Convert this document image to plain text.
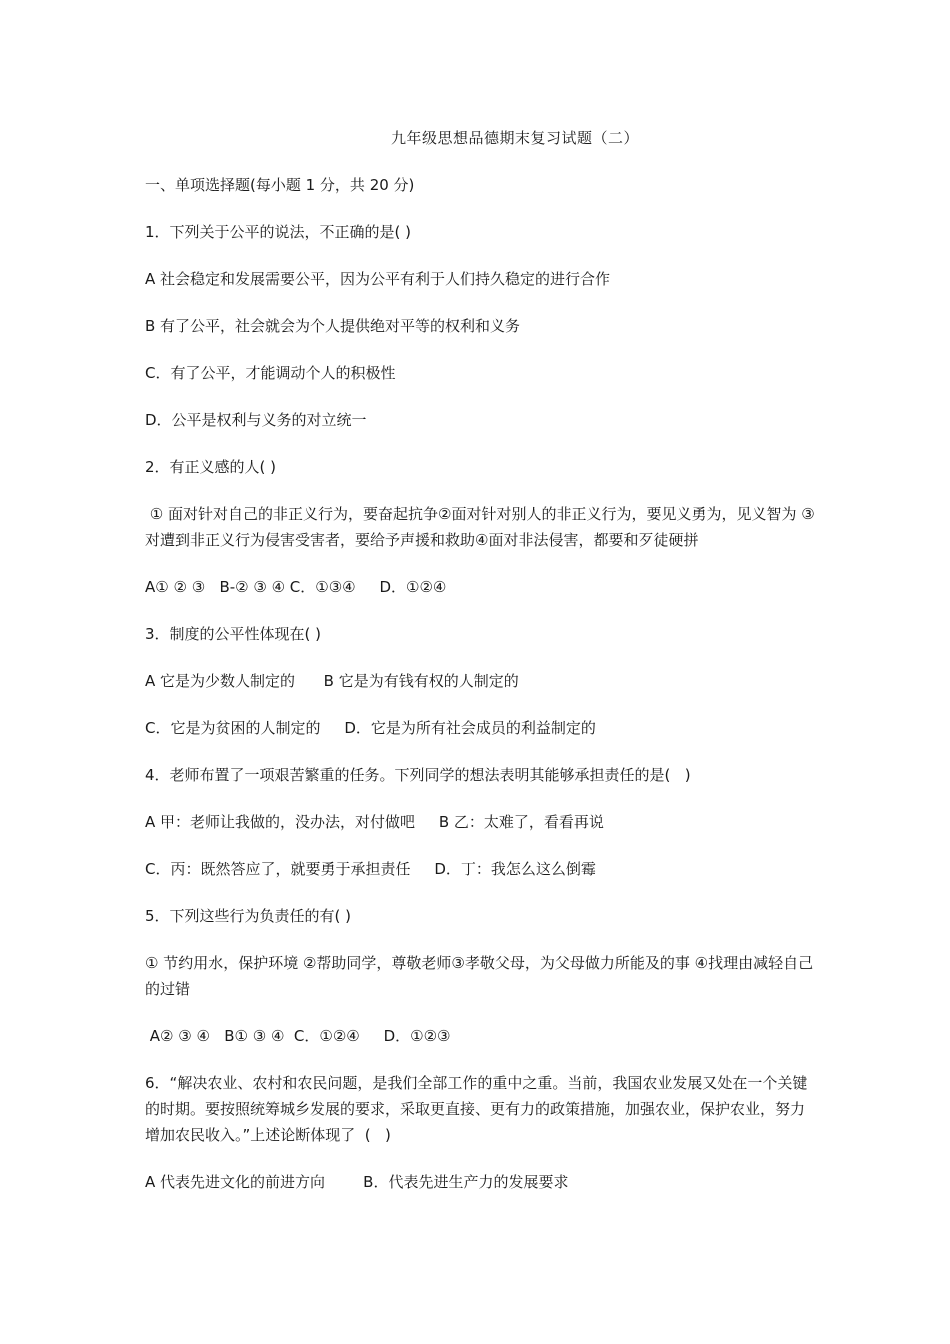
九年级思想品德期末复习试题（二）

一、单项选择题(每小题 1 分，共 20 分)

1．下列关于公平的说法，不正确的是( )

A 社会稳定和发展需要公平，因为公平有利于人们持久稳定的进行合作

B 有了公平，社会就会为个人提供绝对平等的权利和义务

C．有了公平，才能调动个人的积极性

D．公平是权利与义务的对立统一

2．有正义感的人( )

① 面对针对自己的非正义行为，要奋起抗争②面对针对别人的非正义行为，要见义勇为，见义智为 ③对遭到非正义行为侵害受害者，要给予声援和救助④面对非法侵害，都要和歹徒硬拼

A① ② ③   B-② ③ ④ C．①③④     D．①②④

3．制度的公平性体现在( )

A 它是为少数人制定的      B 它是为有钱有权的人制定的

C．它是为贫困的人制定的     D．它是为所有社会成员的利益制定的

4．老师布置了一项艰苦繁重的任务。下列同学的想法表明其能够承担责任的是(   )

A 甲：老师让我做的，没办法，对付做吧     B 乙：太难了，看看再说

C．丙：既然答应了，就要勇于承担责任     D．丁：我怎么这么倒霉

5．下列这些行为负责任的有( )

① 节约用水，保护环境 ②帮助同学，尊敬老师③孝敬父母，为父母做力所能及的事 ④找理由减轻自己的过错

A② ③ ④   B① ③ ④  C．①②④     D．①②③

6．“解决农业、农村和农民问题，是我们全部工作的重中之重。当前，我国农业发展又处在一个关键的时期。要按照统筹城乡发展的要求，采取更直接、更有力的政策措施，加强农业，保护农业，努力增加农民收入。”上述论断体现了  (   )

A 代表先进文化的前进方向        B．代表先进生产力的发展要求
